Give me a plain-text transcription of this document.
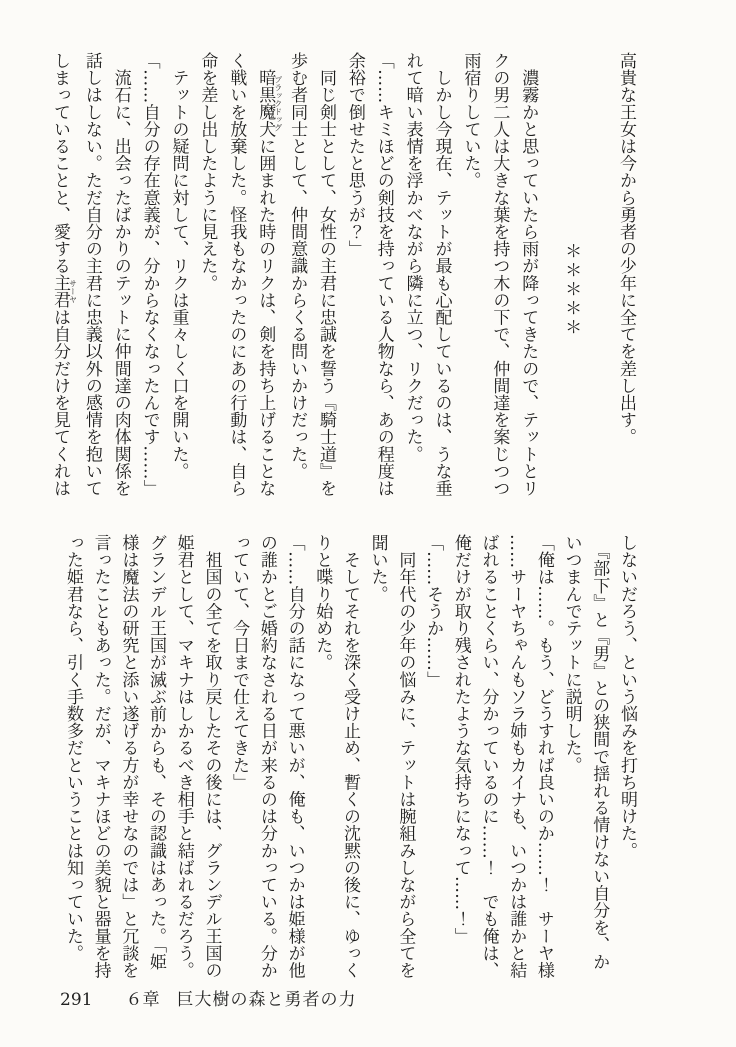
高貴な王女は今から勇者の少年に全てを差し出す。
　　　　　　　　　　＊＊＊＊＊
　濃霧かと思っていたら雨が降ってきたので、テットとリ
クの男二人は大きな葉を持つ木の下で、仲間達を案じつつ
雨宿りしていた。
　しかし今現在、テットが最も心配しているのは、うな垂
れて暗い表情を浮かべながら隣に立つ、リクだった。
「……キミほどの剣技を持っている人物なら、あの程度は
余裕で倒せたと思うが？」
　同じ剣士として、女性の主君に忠誠を誓う『騎士道』を
歩む者同士として、仲間意識からくる問いかけだった。
　暗黒魔犬ブラックドッグに囲まれた時のリクは、剣を持ち上げることな
く戦いを放棄した。怪我もなかったのにあの行動は、自ら
命を差し出したように見えた。
　テットの疑問に対して、リクは重々しく口を開いた。
「……自分の存在意義が、分からなくなったんです……」
　流石に、出会ったばかりのテットに仲間達の肉体関係を
話しはしない。ただ自分の主君に忠義以外の感情を抱いて
しまっていることと、愛する主君サーヤは自分だけを見てくれは
しないだろう、という悩みを打ち明けた。
　『部下』と『男』との狭間で揺れる情けない自分を、か
いつまんでテットに説明した。
「俺は……。もう、どうすれば良いのか……！　サーヤ様
……サーヤちゃんもソラ姉もカイナも、いつかは誰かと結
ばれることくらい、分かっているのに……！　でも俺は、
俺だけが取り残されたような気持ちになって……！」
「……そうか……」
　同年代の少年の悩みに、テットは腕組みしながら全てを
聞いた。
　そしてそれを深く受け止め、暫くの沈黙の後に、ゆっく
りと喋り始めた。
「……自分の話になって悪いが、俺も、いつかは姫様が他
の誰かとご婚約なされる日が来るのは分かっている。分か
っていて、今日まで仕えてきた」
　祖国の全てを取り戻したその後には、グランデル王国の
姫君として、マキナはしかるべき相手と結ばれるだろう。
グランデル王国が滅ぶ前からも、その認識はあった。「姫
様は魔法の研究と添い遂げる方が幸せなのでは」と冗談を
言ったこともあった。だが、マキナほどの美貌と器量を持
った姫君なら、引く手数多だということは知っていた。
291 ６章 巨大樹の森と勇者の力
